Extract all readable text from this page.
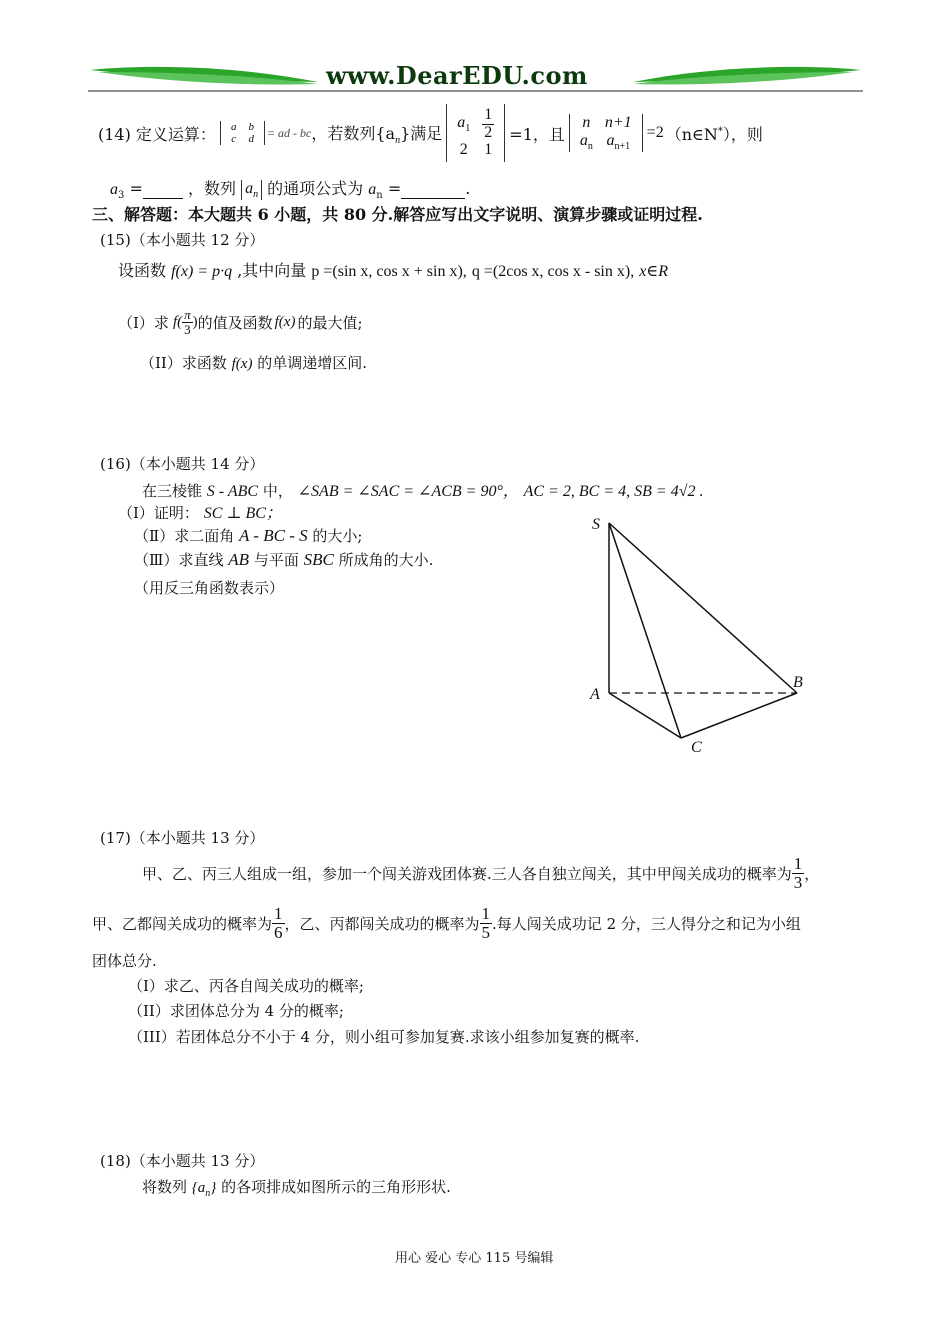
www.DearEDU.com
(14) 定义运算： a	b
c	d = ad - bc ，若数列$\{a_n\}$满足
$a_1$	$\frac{1}{2}$

2	1
=1，且
n	n+1
$a_n$	$a_{n+1}$
=2 （n∈N*），则
$a_3$ =	，数列 $a_n$ 的通项公式为 $a_n$ =	.
三、解答题：本大题共 6 小题，共 80 分.解答应写出文字说明、演算步骤或证明过程.
(15)（本小题共 12 分）
设函数 f(x) = p·q ,其中向量 p =(sin x, cos x + sin x), q =(2cos x, cos x - sin x), x∈R
（I）求 $f( \frac{\pi}{3}$ ) 的值及函数 f(x) 的最大值;
（II）求函数 f(x) 的单调递增区间.
(16)（本小题共 14 分）
在三棱锥 S - ABC 中， ∠SAB = ∠SAC = ∠ACB = 90°， AC = 2, BC = 4, SB = 4√2 .
（Ⅰ）证明： SC ⊥ BC；
（Ⅱ）求二面角 A - BC - S 的大小;
（Ⅲ）求直线 AB 与平面 SBC 所成角的大小.
（用反三角函数表示）
S
A
B
C
(17)（本小题共 13 分）
甲、乙、丙三人组成一组，参加一个闯关游戏团体赛.三人各自独立闯关，其中甲闯关成功的概率为 $\frac{1}{3}$ ，
甲、乙都闯关成功的概率为 $\frac{1}{6}$ ，乙、丙都闯关成功的概率为 $\frac{1}{5}$ .每人闯关成功记 2 分，三人得分之和记为小组
团体总分.
（I）求乙、丙各自闯关成功的概率;
（II）求团体总分为 4 分的概率;
（III）若团体总分不小于 4 分，则小组可参加复赛.求该小组参加复赛的概率.
(18)（本小题共 13 分）
将数列 $\{a_n\}$ 的各项排成如图所示的三角形形状.
用心 爱心 专心 115 号编辑
